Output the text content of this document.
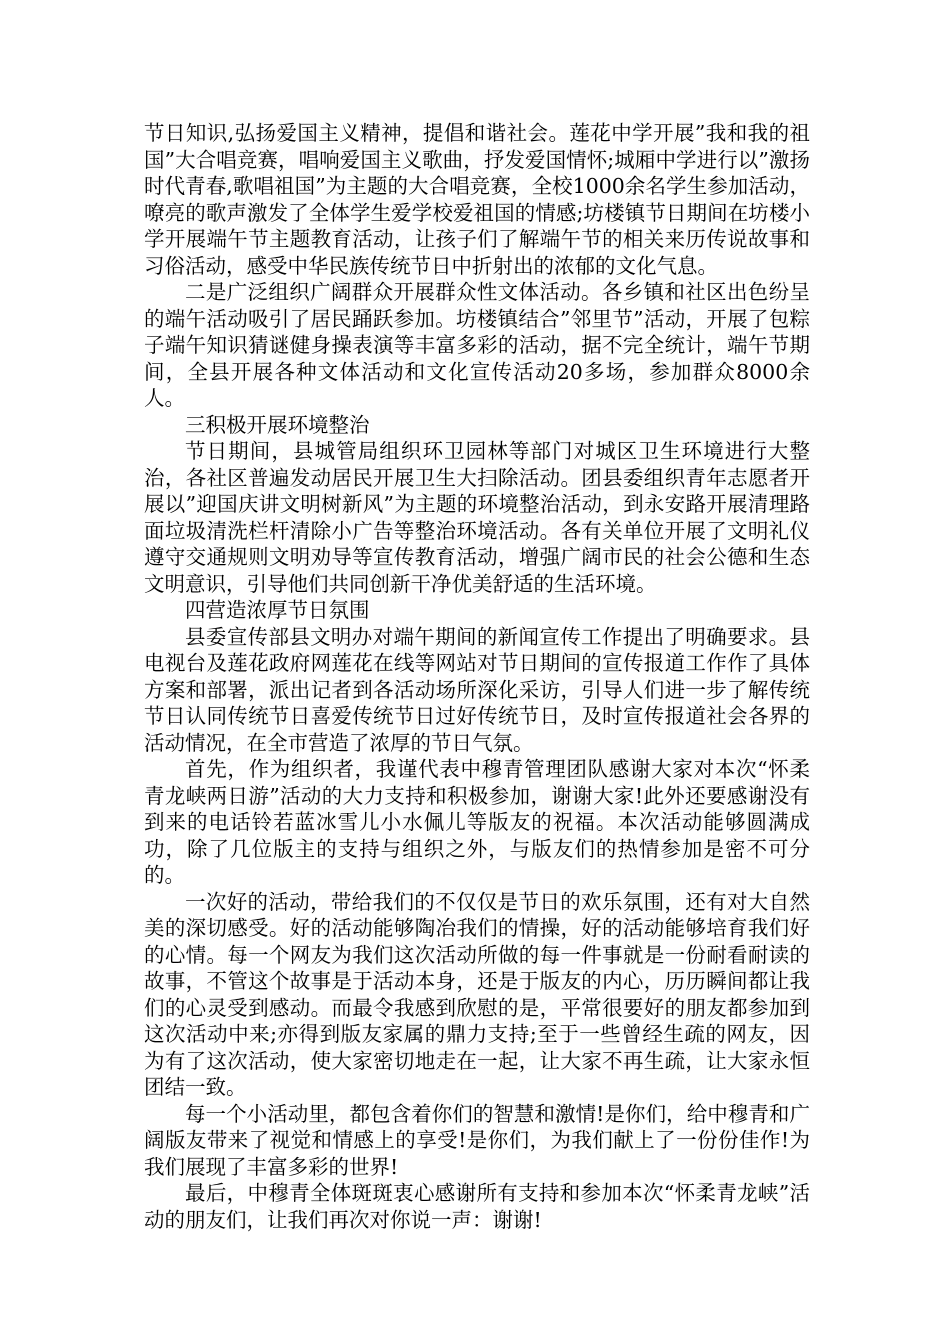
节日知识,弘扬爱国主义精神，提倡和谐社会。莲花中学开展”我和我的祖国”大合唱竞赛，唱响爱国主义歌曲，抒发爱国情怀;城厢中学进行以”激扬时代青春,歌唱祖国”为主题的大合唱竞赛，全校1000余名学生参加活动，嘹亮的歌声激发了全体学生爱学校爱祖国的情感;坊楼镇节日期间在坊楼小学开展端午节主题教育活动，让孩子们了解端午节的相关来历传说故事和习俗活动，感受中华民族传统节日中折射出的浓郁的文化气息。

二是广泛组织广阔群众开展群众性文体活动。各乡镇和社区出色纷呈的端午活动吸引了居民踊跃参加。坊楼镇结合”邻里节”活动，开展了包粽子端午知识猜谜健身操表演等丰富多彩的活动，据不完全统计，端午节期间，全县开展各种文体活动和文化宣传活动20多场，参加群众8000余人。

三积极开展环境整治

节日期间，县城管局组织环卫园林等部门对城区卫生环境进行大整治，各社区普遍发动居民开展卫生大扫除活动。团县委组织青年志愿者开展以”迎国庆讲文明树新风”为主题的环境整治活动，到永安路开展清理路面垃圾清洗栏杆清除小广告等整治环境活动。各有关单位开展了文明礼仪遵守交通规则文明劝导等宣传教育活动，增强广阔市民的社会公德和生态文明意识，引导他们共同创新干净优美舒适的生活环境。

四营造浓厚节日氛围

县委宣传部县文明办对端午期间的新闻宣传工作提出了明确要求。县电视台及莲花政府网莲花在线等网站对节日期间的宣传报道工作作了具体方案和部署，派出记者到各活动场所深化采访，引导人们进一步了解传统节日认同传统节日喜爱传统节日过好传统节日，及时宣传报道社会各界的活动情况，在全市营造了浓厚的节日气氛。

首先，作为组织者，我谨代表中穆青管理团队感谢大家对本次“怀柔青龙峡两日游”活动的大力支持和积极参加，谢谢大家!此外还要感谢没有到来的电话铃若蓝冰雪儿小水佩儿等版友的祝福。本次活动能够圆满成功，除了几位版主的支持与组织之外，与版友们的热情参加是密不可分的。

一次好的活动，带给我们的不仅仅是节日的欢乐氛围，还有对大自然美的深切感受。好的活动能够陶冶我们的情操，好的活动能够培育我们好的心情。每一个网友为我们这次活动所做的每一件事就是一份耐看耐读的故事，不管这个故事是于活动本身，还是于版友的内心，历历瞬间都让我们的心灵受到感动。而最令我感到欣慰的是，平常很要好的朋友都参加到这次活动中来;亦得到版友家属的鼎力支持;至于一些曾经生疏的网友，因为有了这次活动，使大家密切地走在一起，让大家不再生疏，让大家永恒团结一致。

每一个小活动里，都包含着你们的智慧和激情!是你们，给中穆青和广阔版友带来了视觉和情感上的享受!是你们，为我们献上了一份份佳作!为我们展现了丰富多彩的世界!

最后，中穆青全体斑斑衷心感谢所有支持和参加本次“怀柔青龙峡”活动的朋友们，让我们再次对你说一声：谢谢!
